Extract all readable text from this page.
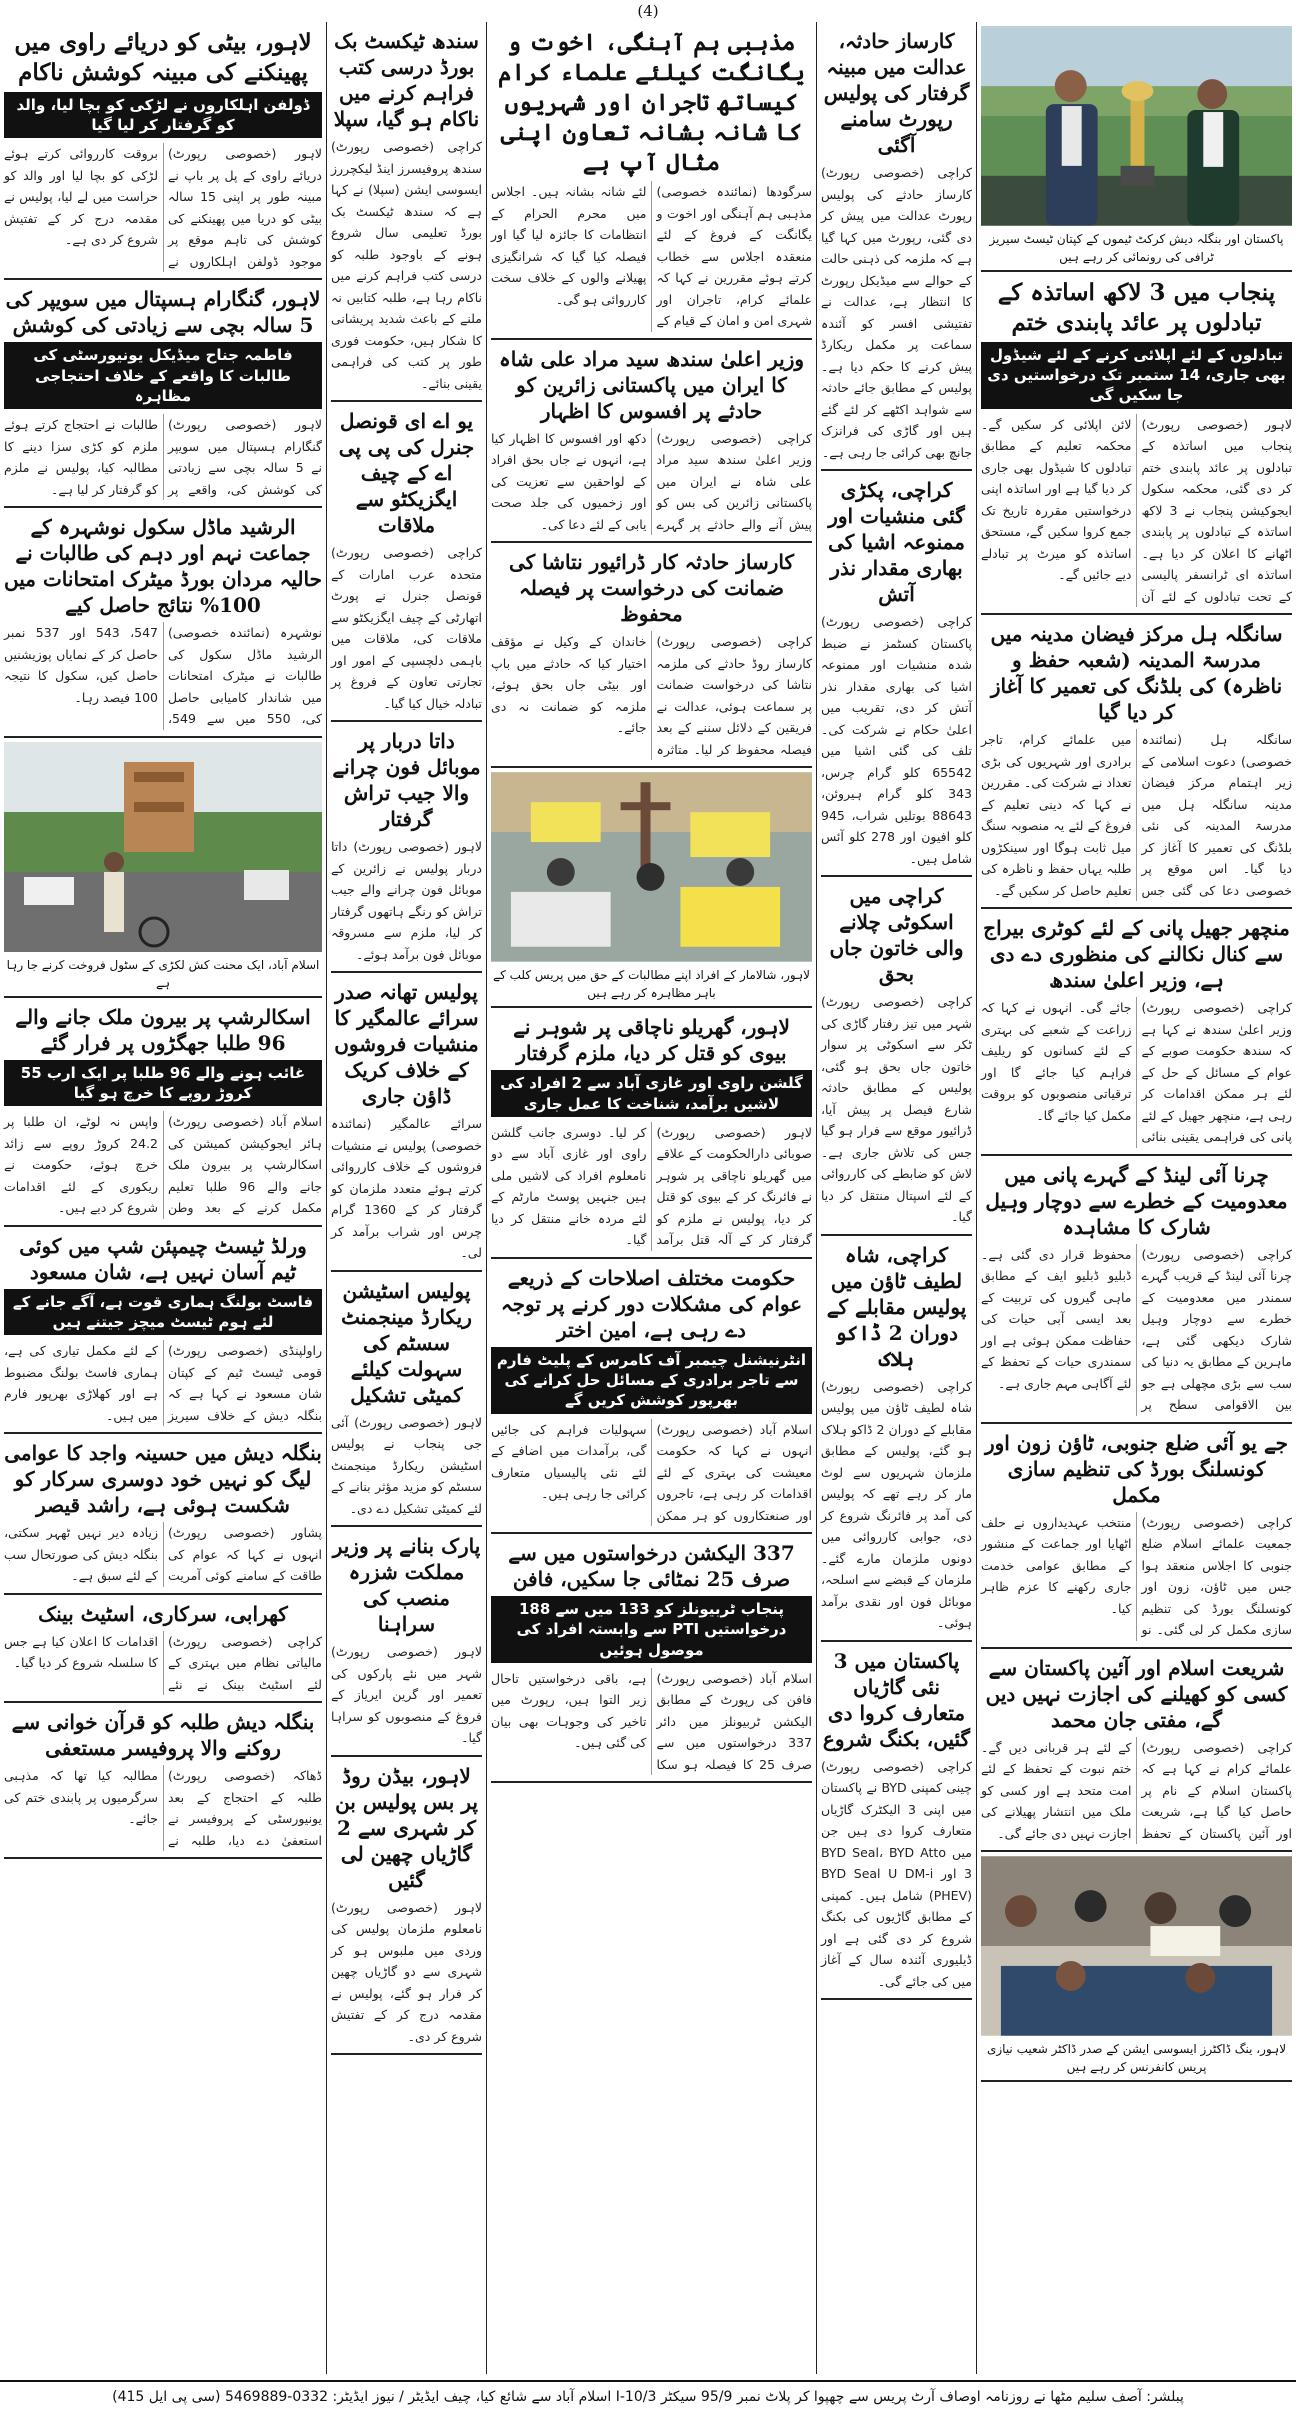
(4)
پاکستان اور بنگلہ دیش کرکٹ ٹیموں کے کپتان ٹیسٹ سیریز ٹرافی کی رونمائی کر رہے ہیں
پنجاب میں 3 لاکھ اساتذہ کے تبادلوں پر عائد پابندی ختم
تبادلوں کے لئے اپلائی کرنے کے لئے شیڈول بھی جاری، 14 ستمبر تک درخواستیں دی جا سکیں گی
لاہور (خصوصی رپورٹ) پنجاب میں اساتذہ کے تبادلوں پر عائد پابندی ختم کر دی گئی، محکمہ سکول ایجوکیشن پنجاب نے 3 لاکھ اساتذہ کے تبادلوں پر پابندی اٹھانے کا اعلان کر دیا ہے۔ اساتذہ ای ٹرانسفر پالیسی کے تحت تبادلوں کے لئے آن لائن اپلائی کر سکیں گے۔ محکمہ تعلیم کے مطابق تبادلوں کا شیڈول بھی جاری کر دیا گیا ہے اور اساتذہ اپنی درخواستیں مقررہ تاریخ تک جمع کروا سکیں گے، مستحق اساتذہ کو میرٹ پر تبادلے دیے جائیں گے۔
سانگلہ ہل مرکز فیضان مدینہ میں مدرسۃ المدینہ (شعبہ حفظ و ناظرہ) کی بلڈنگ کی تعمیر کا آغاز کر دیا گیا
سانگلہ ہل (نمائندہ خصوصی) دعوت اسلامی کے زیر اہتمام مرکز فیضان مدینہ سانگلہ ہل میں مدرسۃ المدینہ کی نئی بلڈنگ کی تعمیر کا آغاز کر دیا گیا۔ اس موقع پر خصوصی دعا کی گئی جس میں علمائے کرام، تاجر برادری اور شہریوں کی بڑی تعداد نے شرکت کی۔ مقررین نے کہا کہ دینی تعلیم کے فروغ کے لئے یہ منصوبہ سنگ میل ثابت ہوگا اور سینکڑوں طلبہ یہاں حفظ و ناظرہ کی تعلیم حاصل کر سکیں گے۔
منچھر جھیل پانی کے لئے کوٹری بیراج سے کنال نکالنے کی منظوری دے دی ہے، وزیر اعلیٰ سندھ
کراچی (خصوصی رپورٹ) وزیر اعلیٰ سندھ نے کہا ہے کہ سندھ حکومت صوبے کے عوام کے مسائل کے حل کے لئے ہر ممکن اقدامات کر رہی ہے، منچھر جھیل کے لئے پانی کی فراہمی یقینی بنائی جائے گی۔ انہوں نے کہا کہ زراعت کے شعبے کی بہتری کے لئے کسانوں کو ریلیف فراہم کیا جائے گا اور ترقیاتی منصوبوں کو بروقت مکمل کیا جائے گا۔
چرنا آئی لینڈ کے گہرے پانی میں معدومیت کے خطرے سے دوچار وہیل شارک کا مشاہدہ
کراچی (خصوصی رپورٹ) چرنا آئی لینڈ کے قریب گہرے سمندر میں معدومیت کے خطرے سے دوچار وہیل شارک دیکھی گئی ہے، ماہرین کے مطابق یہ دنیا کی سب سے بڑی مچھلی ہے جو بین الاقوامی سطح پر محفوظ قرار دی گئی ہے۔ ڈبلیو ڈبلیو ایف کے مطابق ماہی گیروں کی تربیت کے بعد ایسی آبی حیات کی حفاظت ممکن ہوئی ہے اور سمندری حیات کے تحفظ کے لئے آگاہی مہم جاری ہے۔
جے یو آئی ضلع جنوبی، ٹاؤن زون اور کونسلنگ بورڈ کی تنظیم سازی مکمل
کراچی (خصوصی رپورٹ) جمعیت علمائے اسلام ضلع جنوبی کا اجلاس منعقد ہوا جس میں ٹاؤن، زون اور کونسلنگ بورڈ کی تنظیم سازی مکمل کر لی گئی۔ نو منتخب عہدیداروں نے حلف اٹھایا اور جماعت کے منشور کے مطابق عوامی خدمت جاری رکھنے کا عزم ظاہر کیا۔
شریعت اسلام اور آئین پاکستان سے کسی کو کھیلنے کی اجازت نہیں دیں گے، مفتی جان محمد
کراچی (خصوصی رپورٹ) علمائے کرام نے کہا ہے کہ پاکستان اسلام کے نام پر حاصل کیا گیا ہے، شریعت اور آئین پاکستان کے تحفظ کے لئے ہر قربانی دیں گے۔ ختم نبوت کے تحفظ کے لئے امت متحد ہے اور کسی کو ملک میں انتشار پھیلانے کی اجازت نہیں دی جائے گی۔
لاہور، ینگ ڈاکٹرز ایسوسی ایشن کے صدر ڈاکٹر شعیب نیازی پریس کانفرنس کر رہے ہیں
کارساز حادثہ، عدالت میں مبینہ گرفتار کی پولیس رپورٹ سامنے آگئی
کراچی (خصوصی رپورٹ) کارساز حادثے کی پولیس رپورٹ عدالت میں پیش کر دی گئی، رپورٹ میں کہا گیا ہے کہ ملزمہ کی ذہنی حالت کے حوالے سے میڈیکل رپورٹ کا انتظار ہے، عدالت نے تفتیشی افسر کو آئندہ سماعت پر مکمل ریکارڈ پیش کرنے کا حکم دیا ہے۔ پولیس کے مطابق جائے حادثہ سے شواہد اکٹھے کر لئے گئے ہیں اور گاڑی کی فرانزک جانچ بھی کرائی جا رہی ہے۔
کراچی، پکڑی گئی منشیات اور ممنوعہ اشیا کی بھاری مقدار نذر آتش
کراچی (خصوصی رپورٹ) پاکستان کسٹمز نے ضبط شدہ منشیات اور ممنوعہ اشیا کی بھاری مقدار نذر آتش کر دی، تقریب میں اعلیٰ حکام نے شرکت کی۔ تلف کی گئی اشیا میں 65542 کلو گرام چرس، 343 کلو گرام ہیروئن، 88643 بوتلیں شراب، 945 کلو افیون اور 278 کلو آئس شامل ہیں۔
کراچی میں اسکوٹی چلانے والی خاتون جاں بحق
کراچی (خصوصی رپورٹ) شہر میں تیز رفتار گاڑی کی ٹکر سے اسکوٹی پر سوار خاتون جاں بحق ہو گئی، پولیس کے مطابق حادثہ شارع فیصل پر پیش آیا، ڈرائیور موقع سے فرار ہو گیا جس کی تلاش جاری ہے۔ لاش کو ضابطے کی کارروائی کے لئے اسپتال منتقل کر دیا گیا۔
کراچی، شاہ لطیف ٹاؤن میں پولیس مقابلے کے دوران 2 ڈاکو ہلاک
کراچی (خصوصی رپورٹ) شاہ لطیف ٹاؤن میں پولیس مقابلے کے دوران 2 ڈاکو ہلاک ہو گئے، پولیس کے مطابق ملزمان شہریوں سے لوٹ مار کر رہے تھے کہ پولیس کی آمد پر فائرنگ شروع کر دی، جوابی کارروائی میں دونوں ملزمان مارے گئے۔ ملزمان کے قبضے سے اسلحہ، موبائل فون اور نقدی برآمد ہوئی۔
پاکستان میں 3 نئی گاڑیاں متعارف کروا دی گئیں، بکنگ شروع
کراچی (خصوصی رپورٹ) چینی کمپنی BYD نے پاکستان میں اپنی 3 الیکٹرک گاڑیاں متعارف کروا دی ہیں جن میں BYD Seal، BYD Atto 3 اور BYD Seal U DM-i (PHEV) شامل ہیں۔ کمپنی کے مطابق گاڑیوں کی بکنگ شروع کر دی گئی ہے اور ڈیلیوری آئندہ سال کے آغاز میں کی جائے گی۔
مذہبی ہم آہنگی، اخوت و یگانگت کیلئے علماء کرام کیساتھ تاجران اور شہریوں کا شانہ بشانہ تعاون اپنی مثال آپ ہے
سرگودھا (نمائندہ خصوصی) مذہبی ہم آہنگی اور اخوت و یگانگت کے فروغ کے لئے منعقدہ اجلاس سے خطاب کرتے ہوئے مقررین نے کہا کہ علمائے کرام، تاجران اور شہری امن و امان کے قیام کے لئے شانہ بشانہ ہیں۔ اجلاس میں محرم الحرام کے انتظامات کا جائزہ لیا گیا اور فیصلہ کیا گیا کہ شرانگیزی پھیلانے والوں کے خلاف سخت کارروائی ہو گی۔
وزیر اعلیٰ سندھ سید مراد علی شاہ کا ایران میں پاکستانی زائرین کو حادثے پر افسوس کا اظہار
کراچی (خصوصی رپورٹ) وزیر اعلیٰ سندھ سید مراد علی شاہ نے ایران میں پاکستانی زائرین کی بس کو پیش آنے والے حادثے پر گہرے دکھ اور افسوس کا اظہار کیا ہے، انہوں نے جاں بحق افراد کے لواحقین سے تعزیت کی اور زخمیوں کی جلد صحت یابی کے لئے دعا کی۔
کارساز حادثہ کار ڈرائیور نتاشا کی ضمانت کی درخواست پر فیصلہ محفوظ
کراچی (خصوصی رپورٹ) کارساز روڈ حادثے کی ملزمہ نتاشا کی درخواست ضمانت پر سماعت ہوئی، عدالت نے فریقین کے دلائل سننے کے بعد فیصلہ محفوظ کر لیا۔ متاثرہ خاندان کے وکیل نے مؤقف اختیار کیا کہ حادثے میں باپ اور بیٹی جاں بحق ہوئے، ملزمہ کو ضمانت نہ دی جائے۔
لاہور، شالامار کے افراد اپنے مطالبات کے حق میں پریس کلب کے باہر مظاہرہ کر رہے ہیں
لاہور، گھریلو ناچاقی پر شوہر نے بیوی کو قتل کر دیا، ملزم گرفتار
گلشن راوی اور غازی آباد سے 2 افراد کی لاشیں برآمد، شناخت کا عمل جاری
لاہور (خصوصی رپورٹ) صوبائی دارالحکومت کے علاقے میں گھریلو ناچاقی پر شوہر نے فائرنگ کر کے بیوی کو قتل کر دیا، پولیس نے ملزم کو گرفتار کر کے آلہ قتل برآمد کر لیا۔ دوسری جانب گلشن راوی اور غازی آباد سے دو نامعلوم افراد کی لاشیں ملی ہیں جنہیں پوسٹ مارٹم کے لئے مردہ خانے منتقل کر دیا گیا۔
حکومت مختلف اصلاحات کے ذریعے عوام کی مشکلات دور کرنے پر توجہ دے رہی ہے، امین اختر
انٹرنیشنل چیمبر آف کامرس کے پلیٹ فارم سے تاجر برادری کے مسائل حل کرانے کی بھرپور کوشش کریں گے
اسلام آباد (خصوصی رپورٹ) انہوں نے کہا کہ حکومت معیشت کی بہتری کے لئے اقدامات کر رہی ہے، تاجروں اور صنعتکاروں کو ہر ممکن سہولیات فراہم کی جائیں گی، برآمدات میں اضافے کے لئے نئی پالیسیاں متعارف کرائی جا رہی ہیں۔
337 الیکشن درخواستوں میں سے صرف 25 نمٹائی جا سکیں، فافن
پنجاب ٹربیونلز کو 133 میں سے 188 درخواستیں PTI سے وابستہ افراد کی موصول ہوئیں
اسلام آباد (خصوصی رپورٹ) فافن کی رپورٹ کے مطابق الیکشن ٹربیونلز میں دائر 337 درخواستوں میں سے صرف 25 کا فیصلہ ہو سکا ہے، باقی درخواستیں تاحال زیر التوا ہیں، رپورٹ میں تاخیر کی وجوہات بھی بیان کی گئی ہیں۔
سندھ ٹیکسٹ بک بورڈ درسی کتب فراہم کرنے میں ناکام ہو گیا، سپلا
کراچی (خصوصی رپورٹ) سندھ پروفیسرز اینڈ لیکچررز ایسوسی ایشن (سپلا) نے کہا ہے کہ سندھ ٹیکسٹ بک بورڈ تعلیمی سال شروع ہونے کے باوجود طلبہ کو درسی کتب فراہم کرنے میں ناکام رہا ہے، طلبہ کتابیں نہ ملنے کے باعث شدید پریشانی کا شکار ہیں، حکومت فوری طور پر کتب کی فراہمی یقینی بنائے۔
یو اے ای قونصل جنرل کی پی پی اے کے چیف ایگزیکٹو سے ملاقات
کراچی (خصوصی رپورٹ) متحدہ عرب امارات کے قونصل جنرل نے پورٹ اتھارٹی کے چیف ایگزیکٹو سے ملاقات کی، ملاقات میں باہمی دلچسپی کے امور اور تجارتی تعاون کے فروغ پر تبادلہ خیال کیا گیا۔
داتا دربار پر موبائل فون چرانے والا جیب تراش گرفتار
لاہور (خصوصی رپورٹ) داتا دربار پولیس نے زائرین کے موبائل فون چرانے والے جیب تراش کو رنگے ہاتھوں گرفتار کر لیا، ملزم سے مسروقہ موبائل فون برآمد ہوئے۔
پولیس تھانہ صدر سرائے عالمگیر کا منشیات فروشوں کے خلاف کریک ڈاؤن جاری
سرائے عالمگیر (نمائندہ خصوصی) پولیس نے منشیات فروشوں کے خلاف کارروائی کرتے ہوئے متعدد ملزمان کو گرفتار کر کے 1360 گرام چرس اور شراب برآمد کر لی۔
پولیس اسٹیشن ریکارڈ مینجمنٹ سسٹم کی سہولت کیلئے کمیٹی تشکیل
لاہور (خصوصی رپورٹ) آئی جی پنجاب نے پولیس اسٹیشن ریکارڈ مینجمنٹ سسٹم کو مزید مؤثر بنانے کے لئے کمیٹی تشکیل دے دی۔
پارک بنانے پر وزیر مملکت شزرہ منصب کی سراہنا
لاہور (خصوصی رپورٹ) شہر میں نئے پارکوں کی تعمیر اور گرین ایریاز کے فروغ کے منصوبوں کو سراہا گیا۔
لاہور، بیڈن روڈ پر بس پولیس بن کر شہری سے 2 گاڑیاں چھین لی گئیں
لاہور (خصوصی رپورٹ) نامعلوم ملزمان پولیس کی وردی میں ملبوس ہو کر شہری سے دو گاڑیاں چھین کر فرار ہو گئے، پولیس نے مقدمہ درج کر کے تفتیش شروع کر دی۔
لاہور، بیٹی کو دریائے راوی میں پھینکنے کی مبینہ کوشش ناکام
ڈولفن اہلکاروں نے لڑکی کو بچا لیا، والد کو گرفتار کر لیا گیا
لاہور (خصوصی رپورٹ) دریائے راوی کے پل پر باپ نے مبینہ طور پر اپنی 15 سالہ بیٹی کو دریا میں پھینکنے کی کوشش کی تاہم موقع پر موجود ڈولفن اہلکاروں نے بروقت کارروائی کرتے ہوئے لڑکی کو بچا لیا اور والد کو حراست میں لے لیا، پولیس نے مقدمہ درج کر کے تفتیش شروع کر دی ہے۔
لاہور، گنگارام ہسپتال میں سویپر کی 5 سالہ بچی سے زیادتی کی کوشش
فاطمہ جناح میڈیکل یونیورسٹی کی طالبات کا واقعے کے خلاف احتجاجی مظاہرہ
لاہور (خصوصی رپورٹ) گنگارام ہسپتال میں سویپر نے 5 سالہ بچی سے زیادتی کی کوشش کی، واقعے پر طالبات نے احتجاج کرتے ہوئے ملزم کو کڑی سزا دینے کا مطالبہ کیا، پولیس نے ملزم کو گرفتار کر لیا ہے۔
الرشید ماڈل سکول نوشہرہ کے جماعت نہم اور دہم کی طالبات نے حالیہ مردان بورڈ میٹرک امتحانات میں 100% نتائج حاصل کیے
نوشہرہ (نمائندہ خصوصی) الرشید ماڈل سکول کی طالبات نے میٹرک امتحانات میں شاندار کامیابی حاصل کی، 550 میں سے 549، 547، 543 اور 537 نمبر حاصل کر کے نمایاں پوزیشنیں حاصل کیں، سکول کا نتیجہ 100 فیصد رہا۔
اسلام آباد، ایک محنت کش لکڑی کے سٹول فروخت کرنے جا رہا ہے
اسکالرشپ پر بیرون ملک جانے والے 96 طلبا جھگڑوں پر فرار گئے
غائب ہونے والے 96 طلبا پر ایک ارب 55 کروڑ روپے کا خرچ ہو گیا
اسلام آباد (خصوصی رپورٹ) ہائر ایجوکیشن کمیشن کی اسکالرشپ پر بیرون ملک جانے والے 96 طلبا تعلیم مکمل کرنے کے بعد وطن واپس نہ لوٹے، ان طلبا پر 24.2 کروڑ روپے سے زائد خرچ ہوئے، حکومت نے ریکوری کے لئے اقدامات شروع کر دیے ہیں۔
ورلڈ ٹیسٹ چیمپئن شپ میں کوئی ٹیم آسان نہیں ہے، شان مسعود
فاسٹ بولنگ ہماری قوت ہے، آگے جانے کے لئے ہوم ٹیسٹ میچز جیتنے ہیں
راولپنڈی (خصوصی رپورٹ) قومی ٹیسٹ ٹیم کے کپتان شان مسعود نے کہا ہے کہ بنگلہ دیش کے خلاف سیریز کے لئے مکمل تیاری کی ہے، ہماری فاسٹ بولنگ مضبوط ہے اور کھلاڑی بھرپور فارم میں ہیں۔
بنگلہ دیش میں حسینہ واجد کا عوامی لیگ کو نہیں خود دوسری سرکار کو شکست ہوئی ہے، راشد قیصر
پشاور (خصوصی رپورٹ) انہوں نے کہا کہ عوام کی طاقت کے سامنے کوئی آمریت زیادہ دیر نہیں ٹھہر سکتی، بنگلہ دیش کی صورتحال سب کے لئے سبق ہے۔
کھرابی، سرکاری، اسٹیٹ بینک
کراچی (خصوصی رپورٹ) مالیاتی نظام میں بہتری کے لئے اسٹیٹ بینک نے نئے اقدامات کا اعلان کیا ہے جس کا سلسلہ شروع کر دیا گیا۔
بنگلہ دیش طلبہ کو قرآن خوانی سے روکنے والا پروفیسر مستعفی
ڈھاکہ (خصوصی رپورٹ) طلبہ کے احتجاج کے بعد یونیورسٹی کے پروفیسر نے استعفیٰ دے دیا، طلبہ نے مطالبہ کیا تھا کہ مذہبی سرگرمیوں پر پابندی ختم کی جائے۔
پبلشر: آصف سلیم مٹھا نے روزنامہ اوصاف آرٹ پریس سے چھپوا کر پلاٹ نمبر 95/9 سیکٹر 10/3-I اسلام آباد سے شائع کیا، چیف ایڈیٹر / نیوز ایڈیٹر: 0332-5469889 (سی پی ایل 415)
